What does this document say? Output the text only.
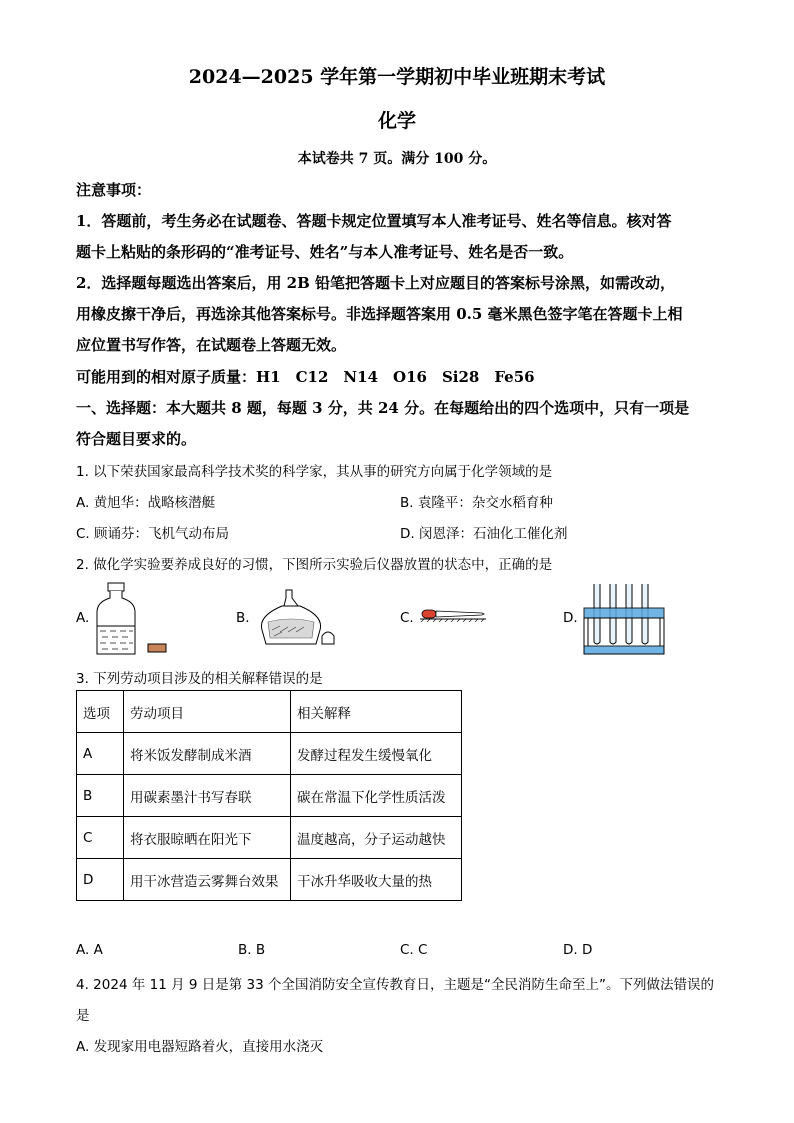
2024—2025 学年第一学期初中毕业班期末考试
化学
本试卷共 7 页。满分 100 分。
注意事项：
1．答题前，考生务必在试题卷、答题卡规定位置填写本人准考证号、姓名等信息。核对答
题卡上粘贴的条形码的“准考证号、姓名”与本人准考证号、姓名是否一致。
2．选择题每题选出答案后，用 2B 铅笔把答题卡上对应题目的答案标号涂黑，如需改动，
用橡皮擦干净后，再选涂其他答案标号。非选择题答案用 0.5 毫米黑色签字笔在答题卡上相
应位置书写作答，在试题卷上答题无效。
可能用到的相对原子质量：H1　C12　N14　O16　Si28　Fe56
一、选择题：本大题共 8 题，每题 3 分，共 24 分。在每题给出的四个选项中，只有一项是
符合题目要求的。
1. 以下荣获国家最高科学技术奖的科学家，其从事的研究方向属于化学领域的是
A. 黄旭华：战略核潜艇	B. 袁隆平：杂交水稻育种
C. 顾诵芬：飞机气动布局	D. 闵恩泽：石油化工催化剂
2. 做化学实验要养成良好的习惯，下图所示实验后仪器放置的状态中，正确的是
A.	B.	C.	D.
3. 下列劳动项目涉及的相关解释错误的是
选项	劳动项目	相关解释
A	将米饭发酵制成米酒	发酵过程发生缓慢氧化
B	用碳素墨汁书写春联	碳在常温下化学性质活泼
C	将衣服晾晒在阳光下	温度越高，分子运动越快
D	用干冰营造云雾舞台效果	干冰升华吸收大量的热
A. A	B. B	C. C	D. D
4. 2024 年 11 月 9 日是第 33 个全国消防安全宣传教育日，主题是“全民消防生命至上”。下列做法错误的
是
A. 发现家用电器短路着火，直接用水浇灭
